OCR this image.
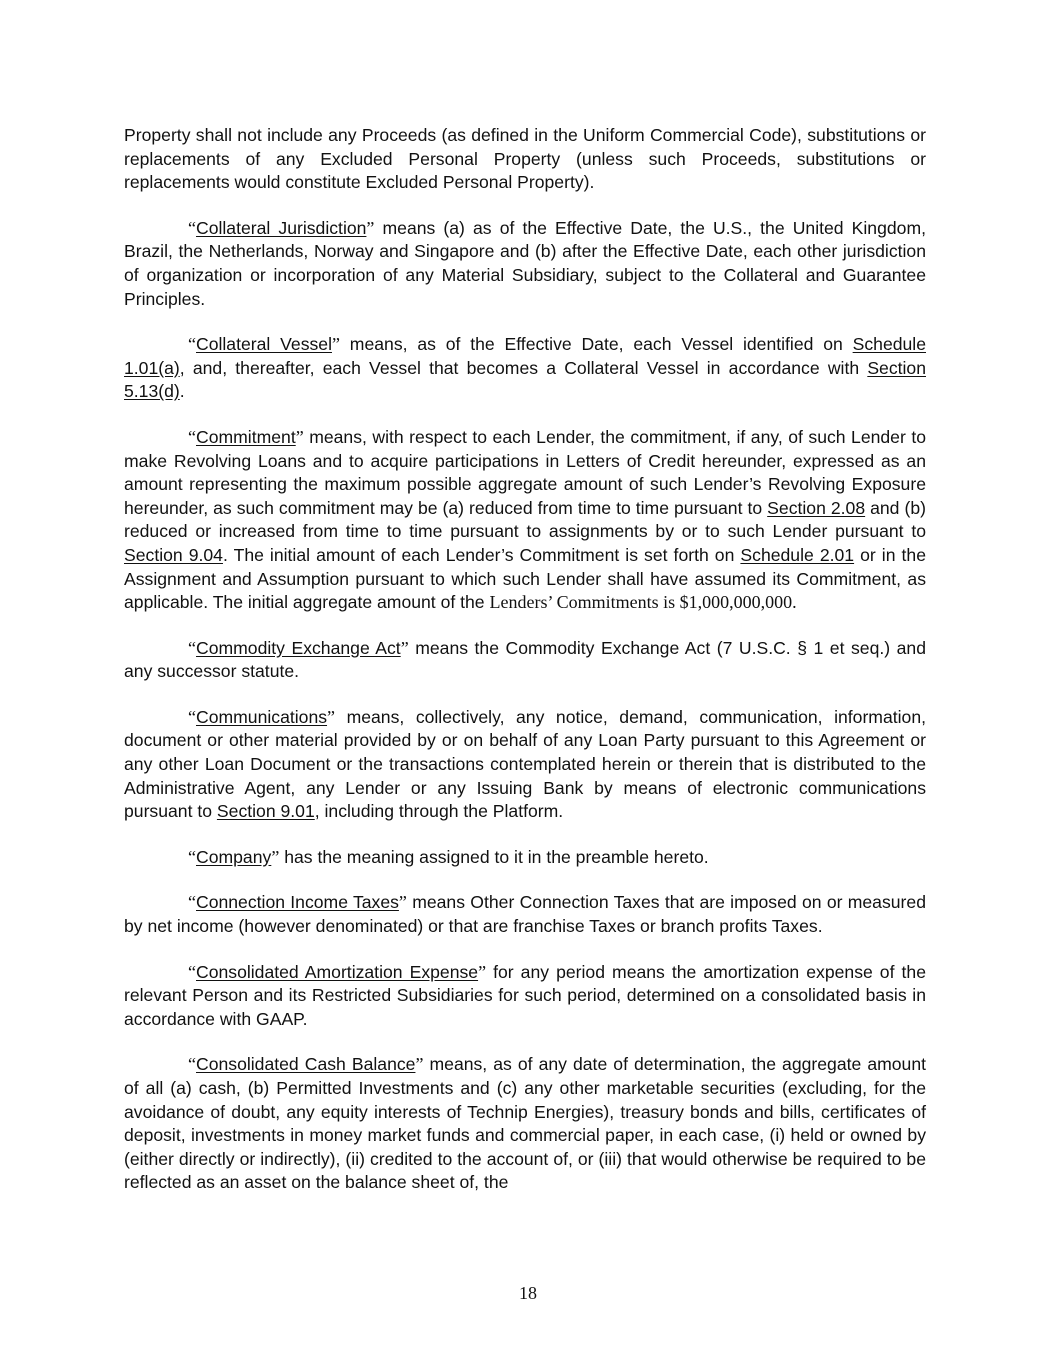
Property shall not include any Proceeds (as defined in the Uniform Commercial Code), substitutions or replacements of any Excluded Personal Property (unless such Proceeds, substitutions or replacements would constitute Excluded Personal Property).

“Collateral Jurisdiction” means (a) as of the Effective Date, the U.S., the United Kingdom, Brazil, the Netherlands, Norway and Singapore and (b) after the Effective Date, each other jurisdiction of organization or incorporation of any Material Subsidiary, subject to the Collateral and Guarantee Principles.

“Collateral Vessel” means, as of the Effective Date, each Vessel identified on Schedule 1.01(a), and, thereafter, each Vessel that becomes a Collateral Vessel in accordance with Section 5.13(d).

“Commitment” means, with respect to each Lender, the commitment, if any, of such Lender to make Revolving Loans and to acquire participations in Letters of Credit hereunder, expressed as an amount representing the maximum possible aggregate amount of such Lender’s Revolving Exposure hereunder, as such commitment may be (a) reduced from time to time pursuant to Section 2.08 and (b) reduced or increased from time to time pursuant to assignments by or to such Lender pursuant to Section 9.04. The initial amount of each Lender’s Commitment is set forth on Schedule 2.01 or in the Assignment and Assumption pursuant to which such Lender shall have assumed its Commitment, as applicable. The initial aggregate amount of the Lenders’ Commitments is $1,000,000,000.

“Commodity Exchange Act” means the Commodity Exchange Act (7 U.S.C. § 1 et seq.) and any successor statute.

“Communications” means, collectively, any notice, demand, communication, information, document or other material provided by or on behalf of any Loan Party pursuant to this Agreement or any other Loan Document or the transactions contemplated herein or therein that is distributed to the Administrative Agent, any Lender or any Issuing Bank by means of electronic communications pursuant to Section 9.01, including through the Platform.

“Company” has the meaning assigned to it in the preamble hereto.

“Connection Income Taxes” means Other Connection Taxes that are imposed on or measured by net income (however denominated) or that are franchise Taxes or branch profits Taxes.

“Consolidated Amortization Expense” for any period means the amortization expense of the relevant Person and its Restricted Subsidiaries for such period, determined on a consolidated basis in accordance with GAAP.

“Consolidated Cash Balance” means, as of any date of determination, the aggregate amount of all (a) cash, (b) Permitted Investments and (c) any other marketable securities (excluding, for the avoidance of doubt, any equity interests of Technip Energies), treasury bonds and bills, certificates of deposit, investments in money market funds and commercial paper, in each case, (i) held or owned by (either directly or indirectly), (ii) credited to the account of, or (iii) that would otherwise be required to be reflected as an asset on the balance sheet of, the

18
